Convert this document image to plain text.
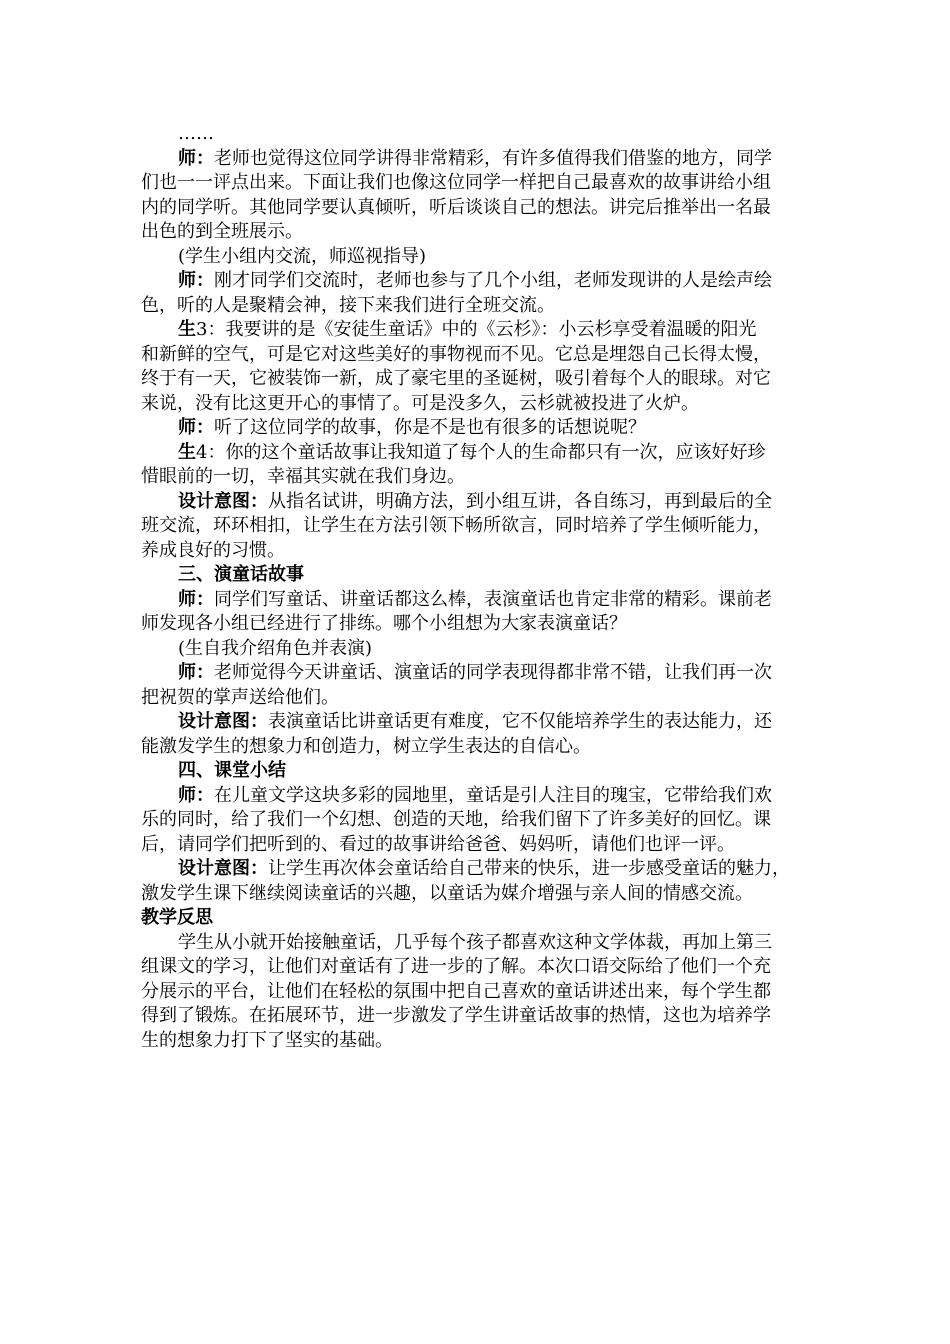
……
师：老师也觉得这位同学讲得非常精彩，有许多值得我们借鉴的地方，同学
们也一一评点出来。下面让我们也像这位同学一样把自己最喜欢的故事讲给小组
内的同学听。其他同学要认真倾听，听后谈谈自己的想法。讲完后推举出一名最
出色的到全班展示。
(学生小组内交流，师巡视指导)
师：刚才同学们交流时，老师也参与了几个小组，老师发现讲的人是绘声绘
色，听的人是聚精会神，接下来我们进行全班交流。
生3：我要讲的是《安徒生童话》中的《云杉》：小云杉享受着温暖的阳光
和新鲜的空气，可是它对这些美好的事物视而不见。它总是埋怨自己长得太慢，
终于有一天，它被装饰一新，成了豪宅里的圣诞树，吸引着每个人的眼球。对它
来说，没有比这更开心的事情了。可是没多久，云杉就被投进了火炉。
师：听了这位同学的故事，你是不是也有很多的话想说呢？
生4：你的这个童话故事让我知道了每个人的生命都只有一次，应该好好珍
惜眼前的一切，幸福其实就在我们身边。
设计意图：从指名试讲，明确方法，到小组互讲，各自练习，再到最后的全
班交流，环环相扣，让学生在方法引领下畅所欲言，同时培养了学生倾听能力，
养成良好的习惯。
三、演童话故事
师：同学们写童话、讲童话都这么棒，表演童话也肯定非常的精彩。课前老
师发现各小组已经进行了排练。哪个小组想为大家表演童话？
(生自我介绍角色并表演)
师：老师觉得今天讲童话、演童话的同学表现得都非常不错，让我们再一次
把祝贺的掌声送给他们。
设计意图：表演童话比讲童话更有难度，它不仅能培养学生的表达能力，还
能激发学生的想象力和创造力，树立学生表达的自信心。
四、课堂小结
师：在儿童文学这块多彩的园地里，童话是引人注目的瑰宝，它带给我们欢
乐的同时，给了我们一个幻想、创造的天地，给我们留下了许多美好的回忆。课
后，请同学们把听到的、看过的故事讲给爸爸、妈妈听，请他们也评一评。
设计意图：让学生再次体会童话给自己带来的快乐，进一步感受童话的魅力，
激发学生课下继续阅读童话的兴趣，以童话为媒介增强与亲人间的情感交流。
教学反思
学生从小就开始接触童话，几乎每个孩子都喜欢这种文学体裁，再加上第三
组课文的学习，让他们对童话有了进一步的了解。本次口语交际给了他们一个充
分展示的平台，让他们在轻松的氛围中把自己喜欢的童话讲述出来，每个学生都
得到了锻炼。在拓展环节，进一步激发了学生讲童话故事的热情，这也为培养学
生的想象力打下了坚实的基础。
